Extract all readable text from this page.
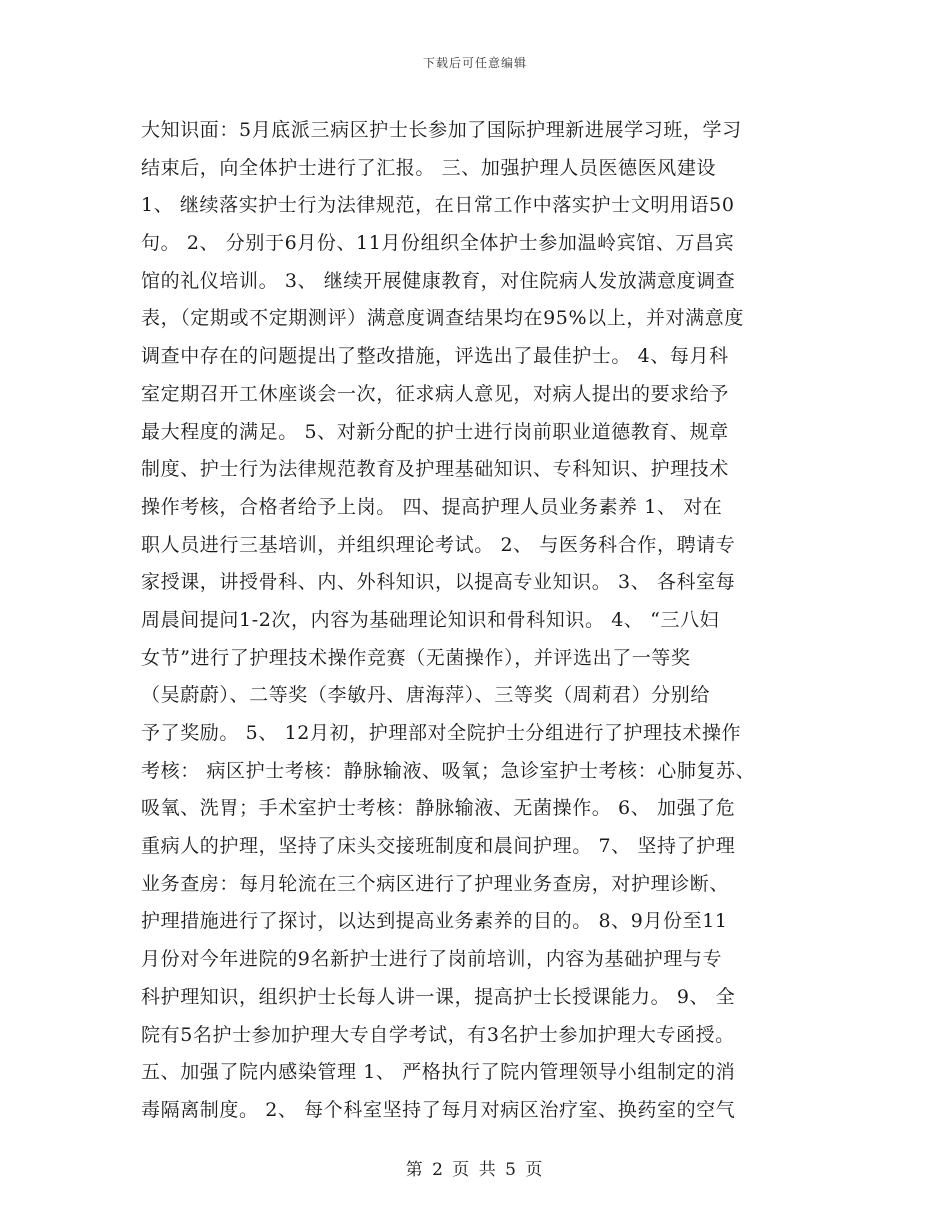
下载后可任意编辑
大知识面：5月底派三病区护士长参加了国际护理新进展学习班，学习
结束后，向全体护士进行了汇报。 三、加强护理人员医德医风建设
1、 继续落实护士行为法律规范，在日常工作中落实护士文明用语50
句。 2、 分别于6月份、11月份组织全体护士参加温岭宾馆、万昌宾
馆的礼仪培训。 3、 继续开展健康教育，对住院病人发放满意度调查
表，（定期或不定期测评）满意度调查结果均在95%以上，并对满意度
调查中存在的问题提出了整改措施，评选出了最佳护士。 4、每月科
室定期召开工休座谈会一次，征求病人意见，对病人提出的要求给予
最大程度的满足。 5、对新分配的护士进行岗前职业道德教育、规章
制度、护士行为法律规范教育及护理基础知识、专科知识、护理技术
操作考核，合格者给予上岗。 四、提高护理人员业务素养 1、 对在
职人员进行三基培训，并组织理论考试。 2、 与医务科合作，聘请专
家授课，讲授骨科、内、外科知识，以提高专业知识。 3、 各科室每
周晨间提问1-2次，内容为基础理论知识和骨科知识。 4、 “三八妇
女节”进行了护理技术操作竞赛（无菌操作），并评选出了一等奖
（吴蔚蔚）、二等奖（李敏丹、唐海萍）、三等奖（周莉君）分别给
予了奖励。 5、 12月初，护理部对全院护士分组进行了护理技术操作
考核： 病区护士考核：静脉输液、吸氧；急诊室护士考核：心肺复苏、
吸氧、洗胃；手术室护士考核：静脉输液、无菌操作。 6、 加强了危
重病人的护理，坚持了床头交接班制度和晨间护理。 7、 坚持了护理
业务查房：每月轮流在三个病区进行了护理业务查房，对护理诊断、
护理措施进行了探讨，以达到提高业务素养的目的。 8、9月份至11
月份对今年进院的9名新护士进行了岗前培训，内容为基础护理与专
科护理知识，组织护士长每人讲一课，提高护士长授课能力。 9、 全
院有5名护士参加护理大专自学考试，有3名护士参加护理大专函授。
五、加强了院内感染管理 1、 严格执行了院内管理领导小组制定的消
毒隔离制度。 2、 每个科室坚持了每月对病区治疗室、换药室的空气
第 2 页 共 5 页
